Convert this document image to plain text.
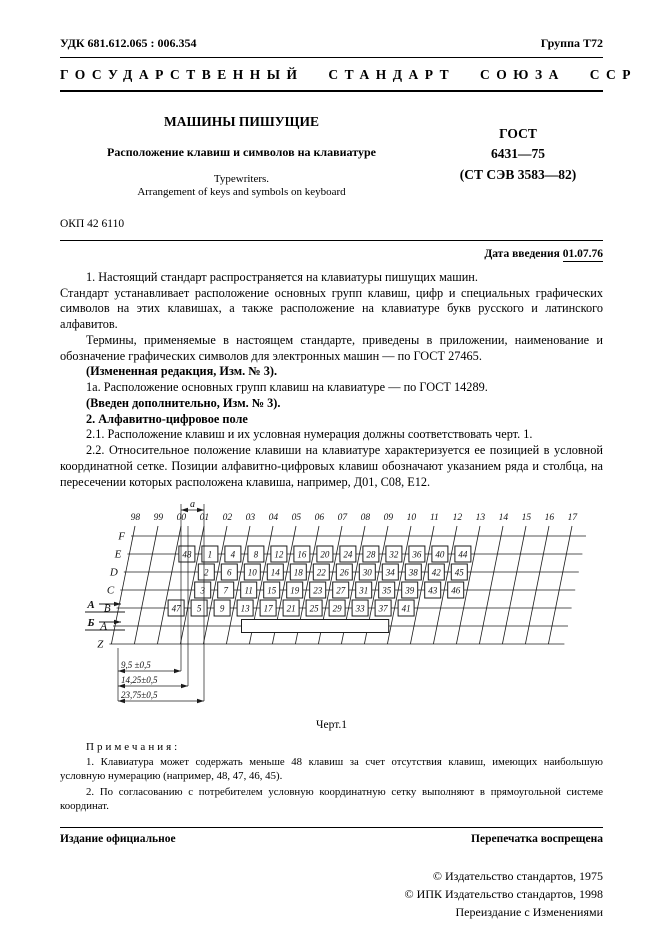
УДК 681.612.065 : 006.354	Группа Т72
ГОСУДАРСТВЕННЫЙ СТАНДАРТ СОЮЗА ССР
МАШИНЫ ПИШУЩИЕ
Расположение клавиш и символов на клавиатуре
Typewriters.
Arrangement of keys and symbols on keyboard
ГОСТ
6431—75
(СТ СЭВ 3583—82)
ОКП 42 6110
Дата введения 01.07.76
1. Настоящий стандарт распространяется на клавиатуры пишущих машин.
Стандарт устанавливает расположение основных групп клавиш, цифр и специальных графических символов на этих клавишах, а также расположение на клавиатуре букв русского и латинского алфавитов.
Термины, применяемые в настоящем стандарте, приведены в приложении, наименование и обозначение графических символов для электронных машин — по ГОСТ 27465.
(Измененная редакция, Изм. № 3).
1а. Расположение основных групп клавиш на клавиатуре — по ГОСТ 14289.
(Введен дополнительно, Изм. № 3).
2. Алфавитно-цифровое поле
2.1. Расположение клавиш и их условная нумерация должны соответствовать черт. 1.
2.2. Относительное положение клавиши на клавиатуре характеризуется ее позицией в условной координатной сетке. Позиции алфавитно-цифровых клавиш обозначают указанием ряда и столбца, на пересечении которых расположена клавиша, например, Д01, С08, Е12.
98 99 00 01 02 03 04 05 06 07 08 09 10 11 12 13 14 15 16 17
F
E
D
C
B
A
Z
48 1 4 8 12 16 20 24 28 32 36 40 44
2 6 10 14 18 22 26 30 34 38 42 45
3 7 11 15 19 23 27 31 35 39 43 46
47 5 9 13 17 21 25 29 33 37 41
a
9,5 ±0,5
14,25±0,5
23,75±0,5
А
Б
Черт.1
Примечания:
1. Клавиатура может содержать меньше 48 клавиш за счет отсутствия клавиш, имеющих наибольшую условную нумерацию (например, 48, 47, 46, 45).
2. По согласованию с потребителем условную координатную сетку выполняют в прямоугольной системе координат.
Издание официальное	Перепечатка воспрещена
© Издательство стандартов, 1975
© ИПК Издательство стандартов, 1998
Переиздание с Изменениями
